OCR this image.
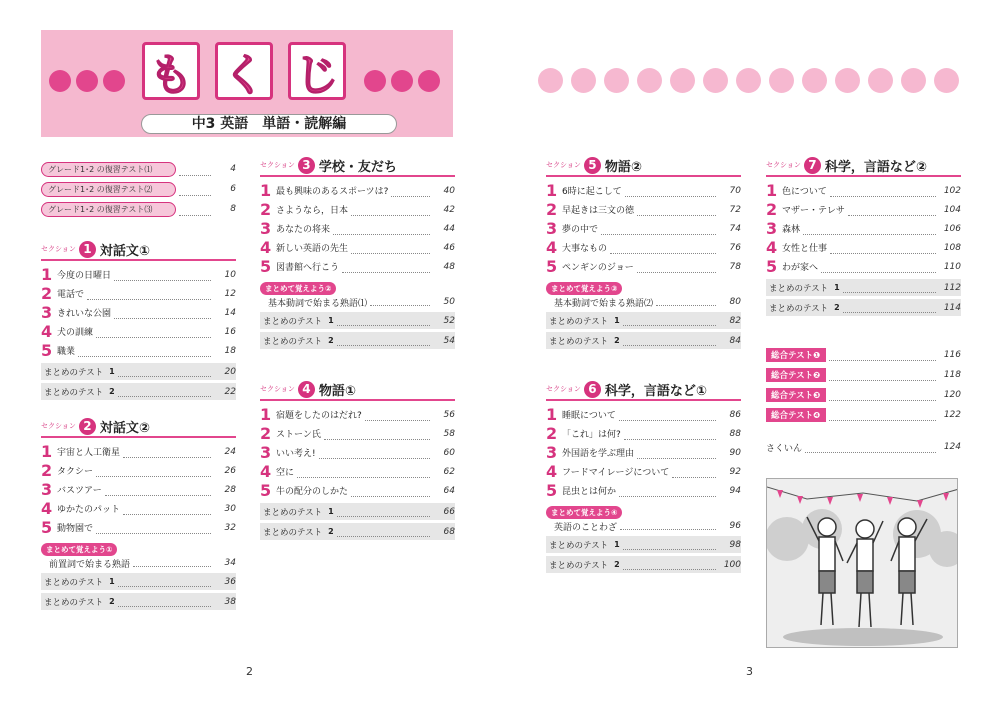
も く じ
中3 英語　単語・読解編
グレード1･2 の復習テスト⑴	4
グレード1･2 の復習テスト⑵	6
グレード1･2 の復習テスト⑶	8
セクション 1 対話文①
1 今度の日曜日	10
2 電話で	12
3 きれいな公園	14
4 犬の訓練	16
5 職業	18
まとめのテスト 1	20
まとめのテスト 2	22
セクション 2 対話文②
1 宇宙と人工衛星	24
2 タクシー	26
3 バスツアー	28
4 ゆかたのパット	30
5 動物園で	32
まとめて覚えよう①
前置詞で始まる熟語	34
まとめのテスト 1	36
まとめのテスト 2	38
セクション 3 学校・友だち
1 最も興味のあるスポーツは?	40
2 さようなら，日本	42
3 あなたの将来	44
4 新しい英語の先生	46
5 図書館へ行こう	48
まとめて覚えよう②
基本動詞で始まる熟語⑴	50
まとめのテスト 1	52
まとめのテスト 2	54
セクション 4 物語①
1 宿題をしたのはだれ?	56
2 ストーン氏	58
3 いい考え!	60
4 空に	62
5 牛の配分のしかた	64
まとめのテスト 1	66
まとめのテスト 2	68
セクション 5 物語②
1 6時に起こして	70
2 早起きは三文の徳	72
3 夢の中で	74
4 大事なもの	76
5 ペンギンのジョー	78
まとめて覚えよう③
基本動詞で始まる熟語⑵	80
まとめのテスト 1	82
まとめのテスト 2	84
セクション 6 科学，言語など①
1 睡眠について	86
2 「これ」は何?	88
3 外国語を学ぶ理由	90
4 フードマイレージについて	92
5 昆虫とは何か	94
まとめて覚えよう④
英語のことわざ	96
まとめのテスト 1	98
まとめのテスト 2	100
セクション 7 科学，言語など②
1 色について	102
2 マザー・テレサ	104
3 森林	106
4 女性と仕事	108
5 わが家へ	110
まとめのテスト 1	112
まとめのテスト 2	114
総合テスト❶	116
総合テスト❷	118
総合テスト❸	120
総合テスト❹	122
さくいん	124
2	3
